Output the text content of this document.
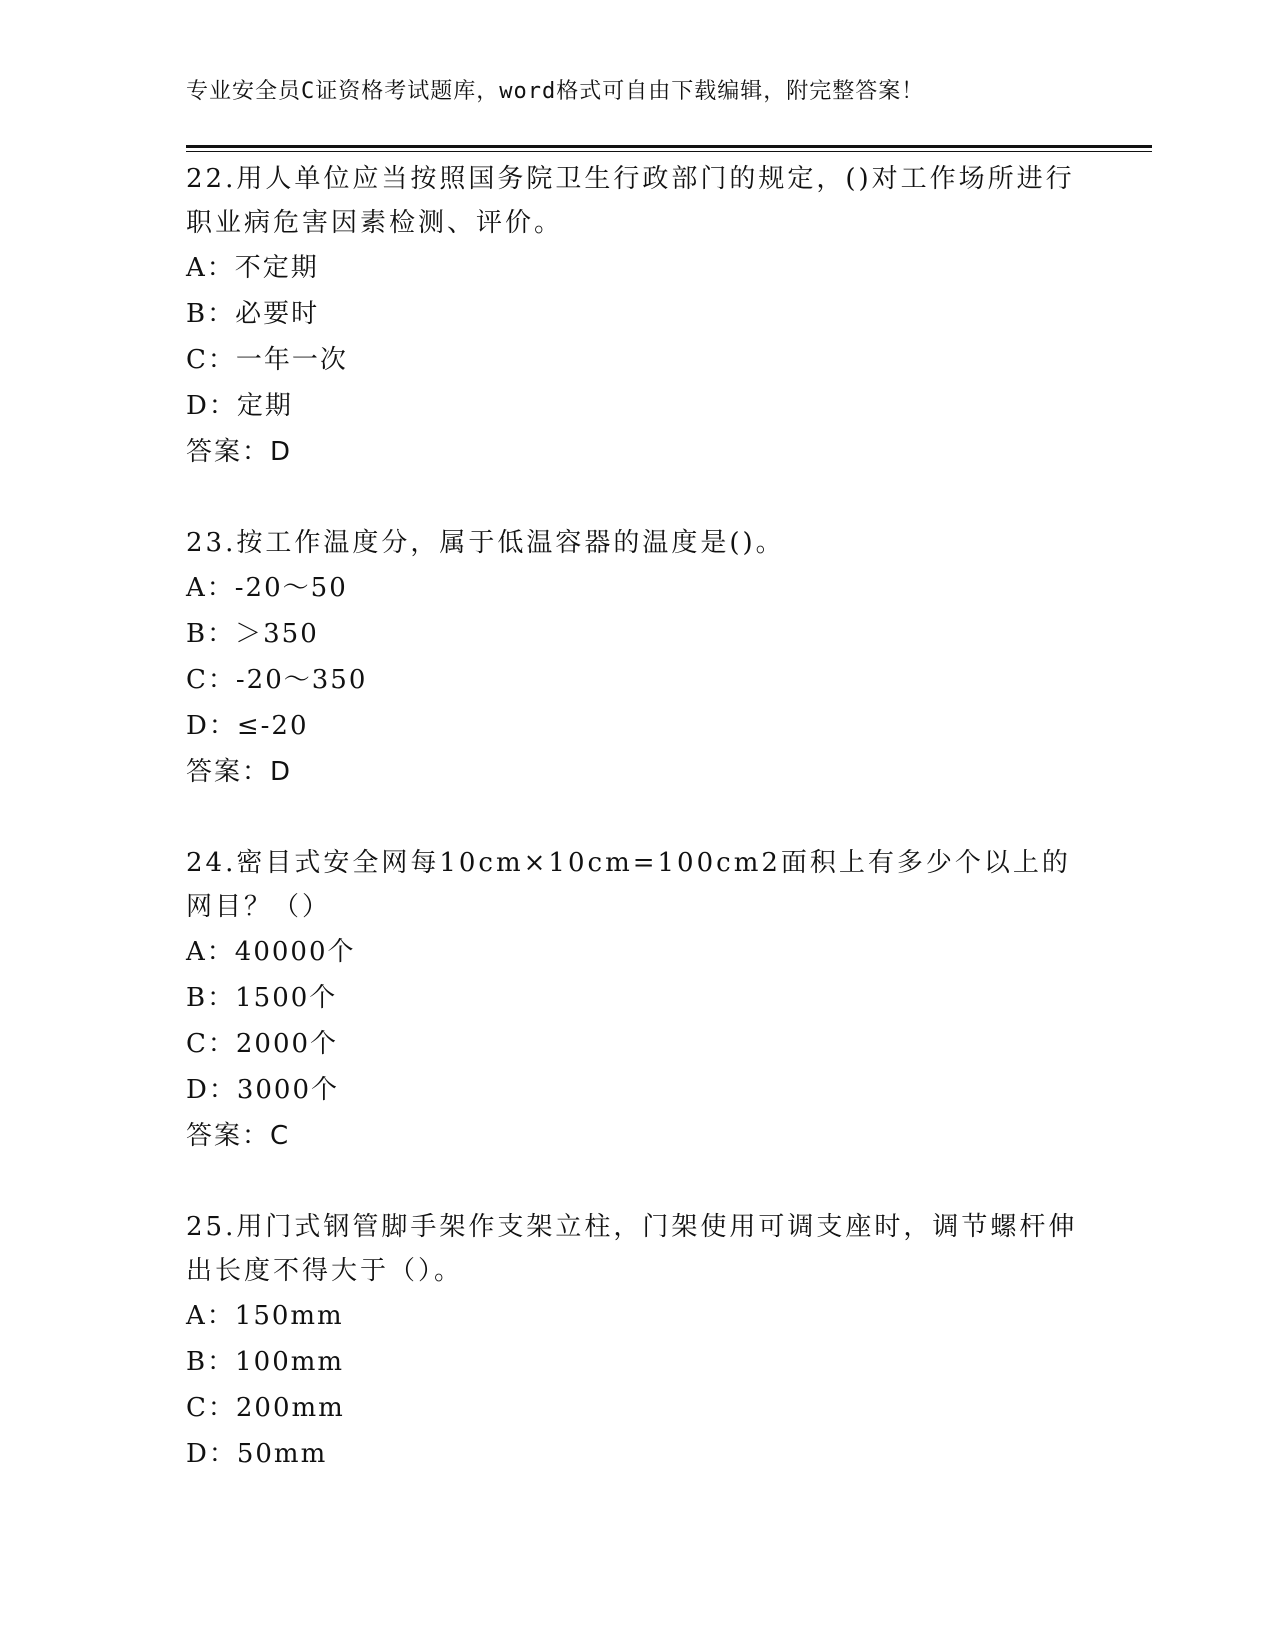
专业安全员C证资格考试题库，word格式可自由下载编辑，附完整答案！
22.用人单位应当按照国务院卫生行政部门的规定，()对工作场所进行职业病危害因素检测、评价。
A：不定期
B：必要时
C：一年一次
D：定期
答案：D
23.按工作温度分，属于低温容器的温度是()。
A：-20～50
B：＞350
C：-20～350
D：≤-20
答案：D
24.密目式安全网每10cm×10cm=100cm2面积上有多少个以上的网目？（）
A：40000个
B：1500个
C：2000个
D：3000个
答案：C
25.用门式钢管脚手架作支架立柱，门架使用可调支座时，调节螺杆伸出长度不得大于（）。
A：150mm
B：100mm
C：200mm
D：50mm
